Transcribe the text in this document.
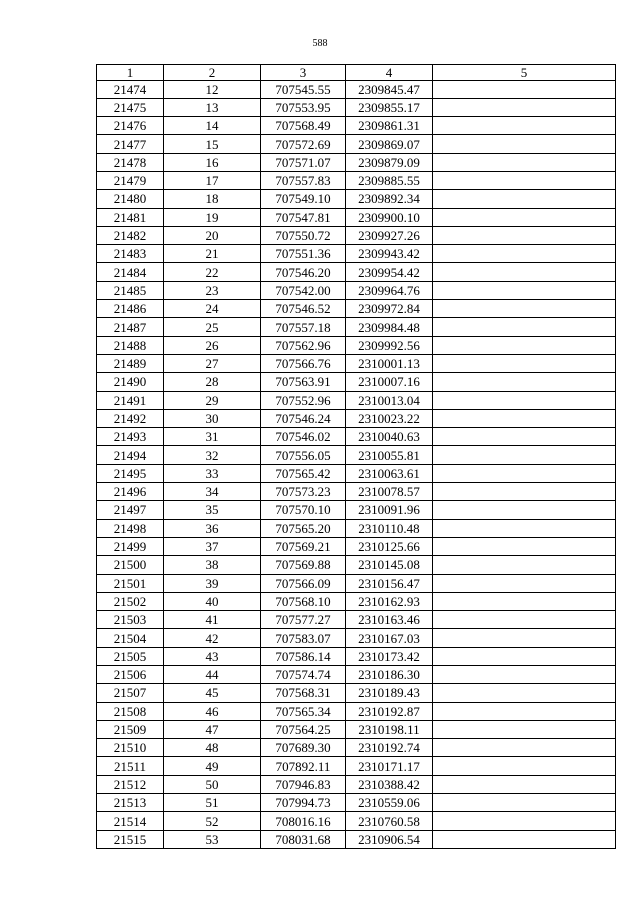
588
1	2	3	4	5
21474	12	707545.55	2309845.47	
21475	13	707553.95	2309855.17	
21476	14	707568.49	2309861.31	
21477	15	707572.69	2309869.07	
21478	16	707571.07	2309879.09	
21479	17	707557.83	2309885.55	
21480	18	707549.10	2309892.34	
21481	19	707547.81	2309900.10	
21482	20	707550.72	2309927.26	
21483	21	707551.36	2309943.42	
21484	22	707546.20	2309954.42	
21485	23	707542.00	2309964.76	
21486	24	707546.52	2309972.84	
21487	25	707557.18	2309984.48	
21488	26	707562.96	2309992.56	
21489	27	707566.76	2310001.13	
21490	28	707563.91	2310007.16	
21491	29	707552.96	2310013.04	
21492	30	707546.24	2310023.22	
21493	31	707546.02	2310040.63	
21494	32	707556.05	2310055.81	
21495	33	707565.42	2310063.61	
21496	34	707573.23	2310078.57	
21497	35	707570.10	2310091.96	
21498	36	707565.20	2310110.48	
21499	37	707569.21	2310125.66	
21500	38	707569.88	2310145.08	
21501	39	707566.09	2310156.47	
21502	40	707568.10	2310162.93	
21503	41	707577.27	2310163.46	
21504	42	707583.07	2310167.03	
21505	43	707586.14	2310173.42	
21506	44	707574.74	2310186.30	
21507	45	707568.31	2310189.43	
21508	46	707565.34	2310192.87	
21509	47	707564.25	2310198.11	
21510	48	707689.30	2310192.74	
21511	49	707892.11	2310171.17	
21512	50	707946.83	2310388.42	
21513	51	707994.73	2310559.06	
21514	52	708016.16	2310760.58	
21515	53	708031.68	2310906.54	
